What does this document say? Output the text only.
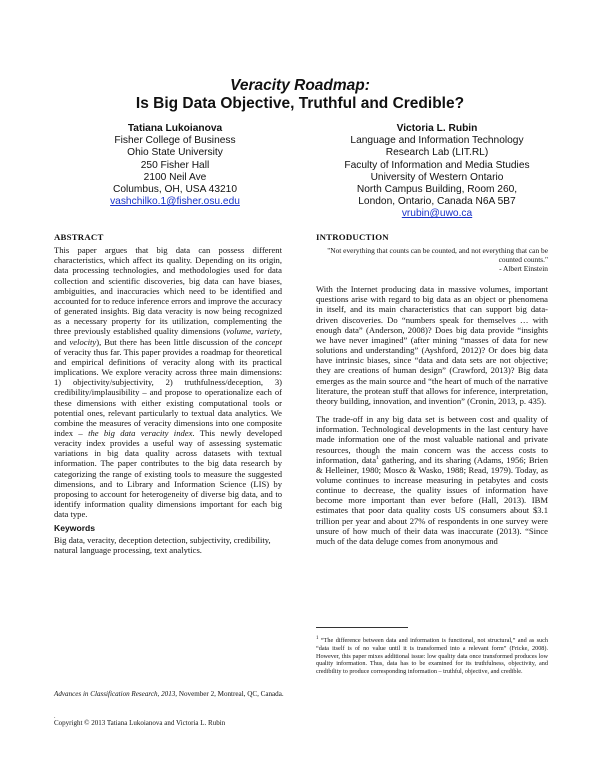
Veracity Roadmap:
Is Big Data Objective, Truthful and Credible?
Tatiana Lukoianova
Fisher College of Business
Ohio State University
250 Fisher Hall
2100 Neil Ave
Columbus, OH, USA 43210
vashchilko.1@fisher.osu.edu
Victoria L. Rubin
Language and Information Technology
Research Lab (LIT.RL)
Faculty of Information and Media Studies
University of Western Ontario
North Campus Building, Room 260,
London, Ontario, Canada N6A 5B7
vrubin@uwo.ca
ABSTRACT

This paper argues that big data can possess different characteristics, which affect its quality. Depending on its origin, data processing technologies, and methodologies used for data collection and scientific discoveries, big data can have biases, ambiguities, and inaccuracies which need to be identified and accounted for to reduce inference errors and improve the accuracy of generated insights. Big data veracity is now being recognized as a necessary property for its utilization, complementing the three previously established quality dimensions (volume, variety, and velocity), But there has been little discussion of the concept of veracity thus far. This paper provides a roadmap for theoretical and empirical definitions of veracity along with its practical implications. We explore veracity across three main dimensions: 1) objectivity/subjectivity, 2) truthfulness/deception, 3) credibility/implausibility – and propose to operationalize each of these dimensions with either existing computational tools or potential ones, relevant particularly to textual data analytics. We combine the measures of veracity dimensions into one composite index – the big data veracity index. This newly developed veracity index provides a useful way of assessing systematic variations in big data quality across datasets with textual information. The paper contributes to the big data research by categorizing the range of existing tools to measure the suggested dimensions, and to Library and Information Science (LIS) by proposing to account for heterogeneity of diverse big data, and to identify information quality dimensions important for each big data type.

Keywords

Big data, veracity, deception detection, subjectivity, credibility, natural language processing, text analytics.

Advances in Classification Research, 2013, November 2, Montreal, QC, Canada.
.
Copyright © 2013 Tatiana Lukoianova and Victoria L. Rubin
INTRODUCTION
"Not everything that counts can be counted, and not everything that can be counted counts."
- Albert Einstein

With the Internet producing data in massive volumes, important questions arise with regard to big data as an object or phenomena in itself, and its main characteristics that can support big data-driven discoveries. Do “numbers speak for themselves … with enough data” (Anderson, 2008)? Does big data provide “insights we have never imagined” (after mining “masses of data for new solutions and understanding” (Ayshford, 2012)? Or does big data have intrinsic biases, since “data and data sets are not objective; they are creations of human design” (Crawford, 2013)? Big data emerges as the main source and “the heart of much of the narrative literature, the protean stuff that allows for inference, interpretation, theory building, innovation, and invention” (Cronin, 2013, p. 435).

The trade-off in any big data set is between cost and quality of information. Technological developments in the last century have made information one of the most valuable national and private resources, though the main concern was the access costs to information, data$^1$ gathering, and its sharing (Adams, 1956; Brien & Helleiner, 1980; Mosco & Wasko, 1988; Read, 1979). Today, as volume continues to increase measuring in petabytes and costs continue to decrease, the quality issues of information have become more important than ever before (Hall, 2013). IBM estimates that poor data quality costs US consumers about $3.1 trillion per year and about 27% of respondents in one survey were unsure of how much of their data was inaccurate (2013). “Since much of the data deluge comes from anonymous and

$^1$ “The difference between data and information is functional, not structural,” and as such “data itself is of no value until it is transformed into a relevant form” (Fricke, 2008). However, this paper mixes additional issue: low quality data once transformed produces low quality information. Thus, data has to be examined for its truthfulness, objectivity, and credibility to produce corresponding information – truthful, objective, and credible.
